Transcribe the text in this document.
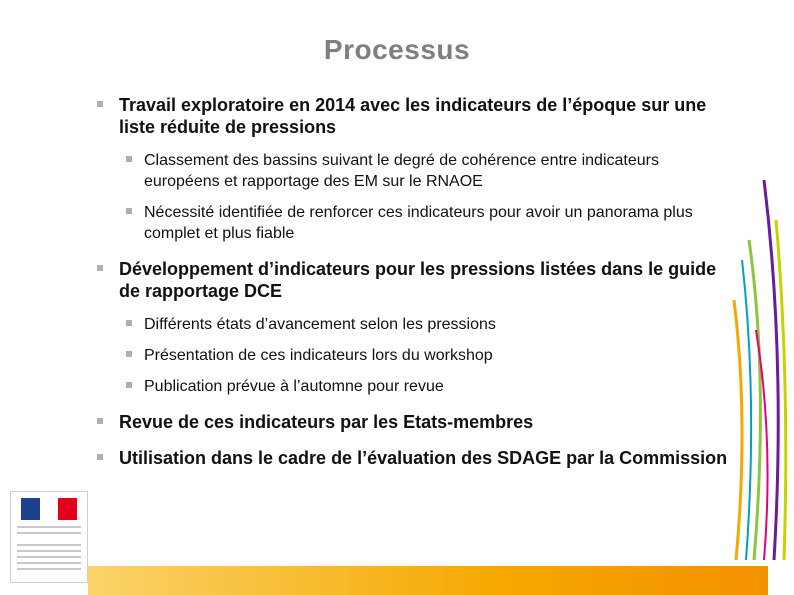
Processus
Travail exploratoire en 2014 avec les indicateurs de l’époque sur une liste réduite de pressions
Classement des bassins suivant le degré de cohérence entre indicateurs européens et rapportage des EM sur le RNAOE
Nécessité identifiée de renforcer ces indicateurs pour avoir un panorama plus complet et plus fiable
Développement d’indicateurs pour les pressions listées dans le guide de rapportage DCE
Différents états d’avancement selon les pressions
Présentation de ces indicateurs lors du workshop
Publication prévue à l’automne pour revue
Revue de ces indicateurs par les Etats-membres
Utilisation dans le cadre de l’évaluation des SDAGE par la Commission
